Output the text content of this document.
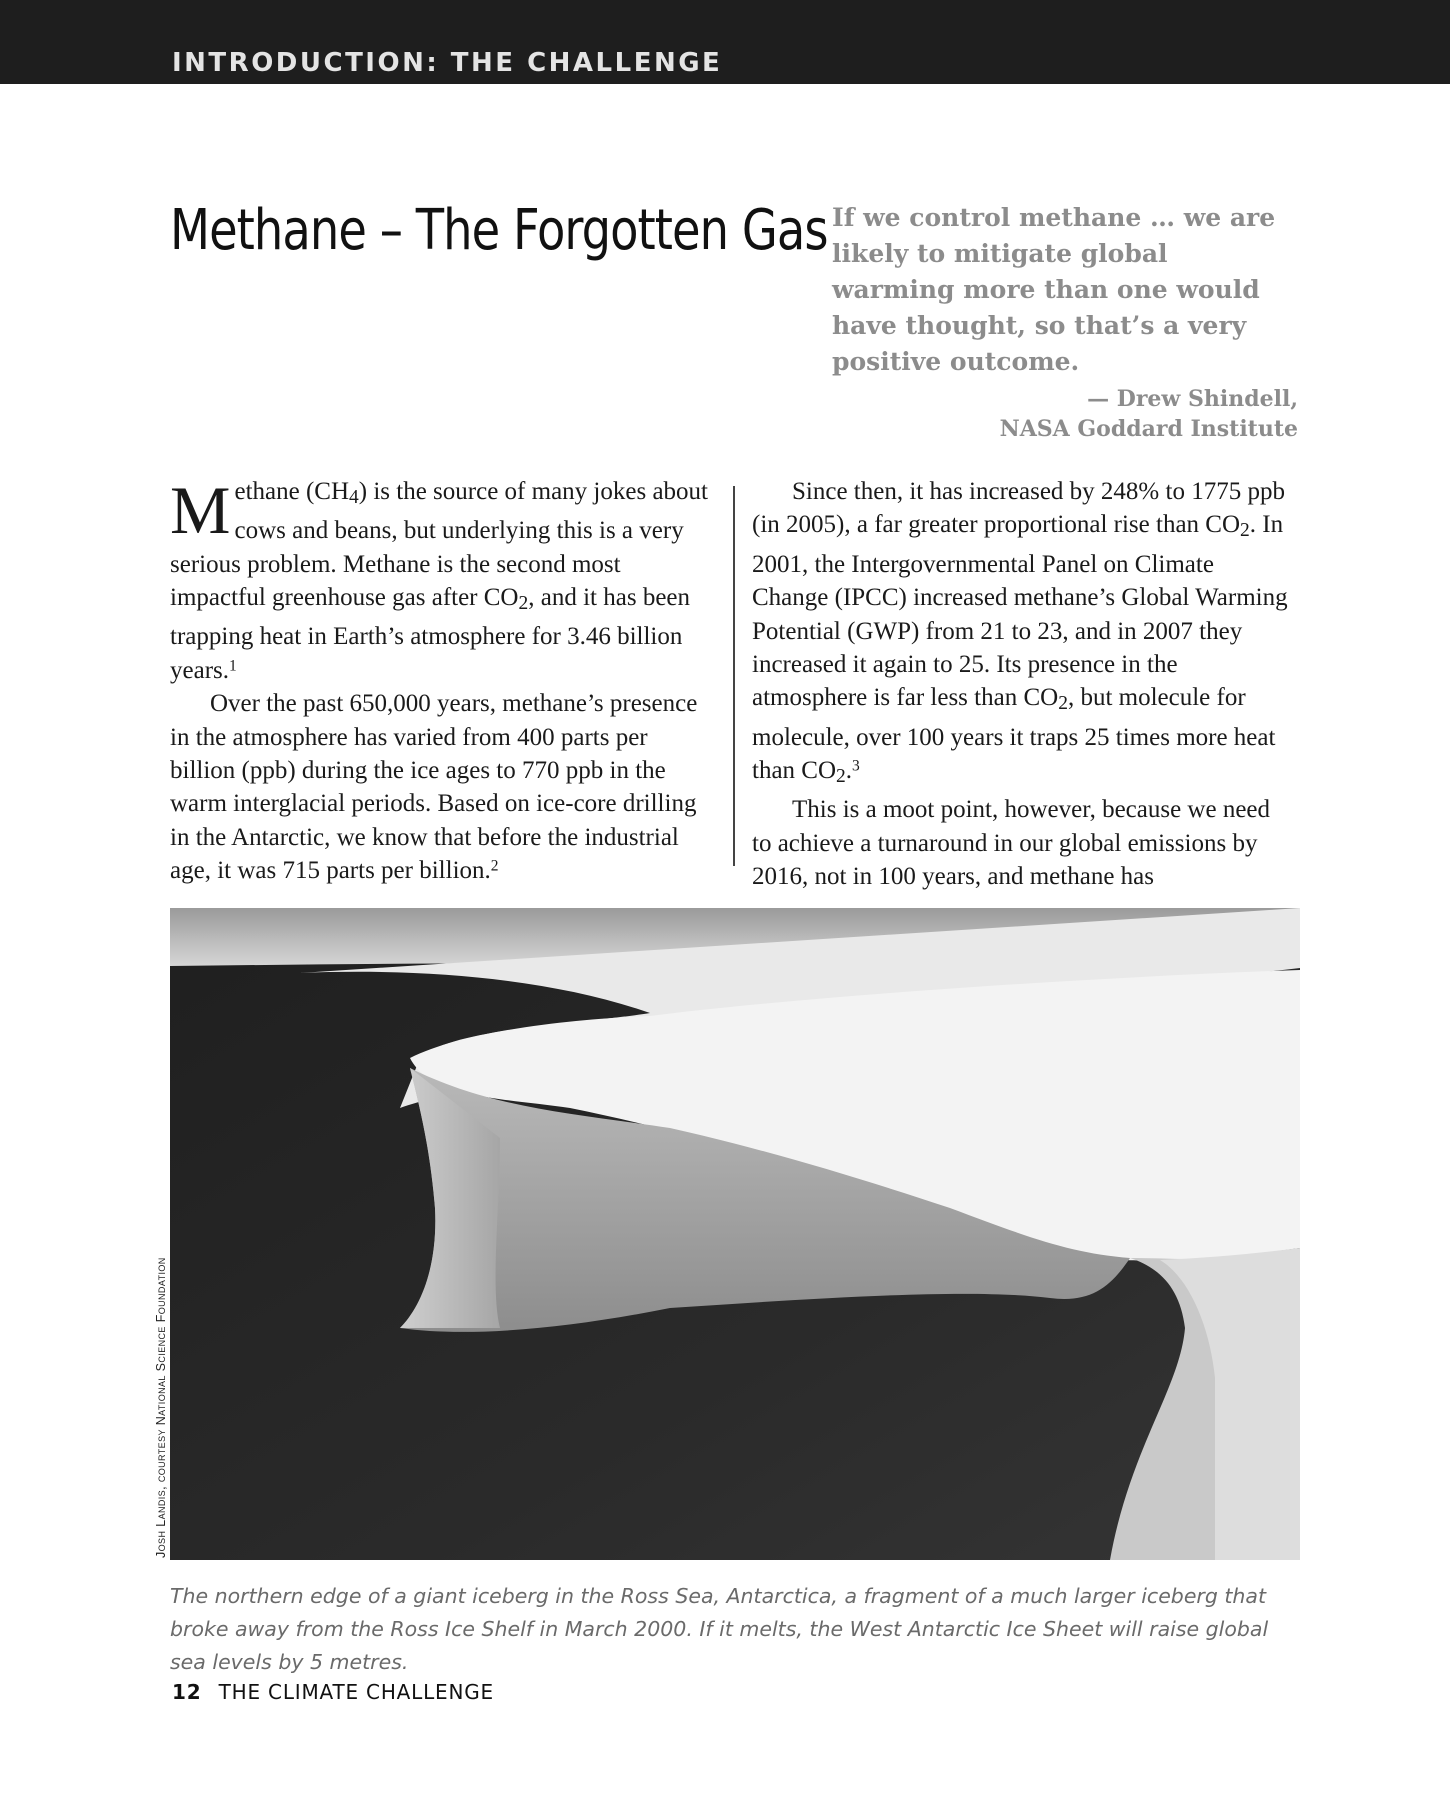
INTRODUCTION: THE CHALLENGE

Methane – The Forgotten Gas If we control methane … we are likely to mitigate global warming more than one would have thought, so that’s a very positive outcome.

— Drew Shindell,
NASA Goddard Institute

Methane $(CH_4)$ is the source of many jokes about cows and beans, but underlying this is a very serious problem. Methane is the second most impactful greenhouse gas after $CO_2$, and it has been trapping heat in Earth’s atmosphere for 3.46 billion years.$^1$

Over the past 650,000 years, methane’s presence in the atmosphere has varied from 400 parts per billion (ppb) during the ice ages to 770 ppb in the warm interglacial periods. Based on ice-core drilling in the Antarctic, we know that before the industrial age, it was 715 parts per billion.$^2$

Since then, it has increased by 248% to 1775 ppb (in 2005), a far greater proportional rise than $CO_2$. In 2001, the Intergovernmental Panel on Climate Change (IPCC) increased methane’s Global Warming Potential (GWP) from 21 to 23, and in 2007 they increased it again to 25. Its presence in the atmosphere is far less than $CO_2$, but molecule for molecule, over 100 years it traps 25 times more heat than $CO_2.^3$

This is a moot point, however, because we need to achieve a turnaround in our global emissions by 2016, not in 100 years, and methane has

Josh Landis, courtesy National Science Foundation

The northern edge of a giant iceberg in the Ross Sea, Antarctica, a fragment of a much larger iceberg that broke away from the Ross Ice Shelf in March 2000. If it melts, the West Antarctic Ice Sheet will raise global sea levels by 5 metres.

12 THE CLIMATE CHALLENGE
